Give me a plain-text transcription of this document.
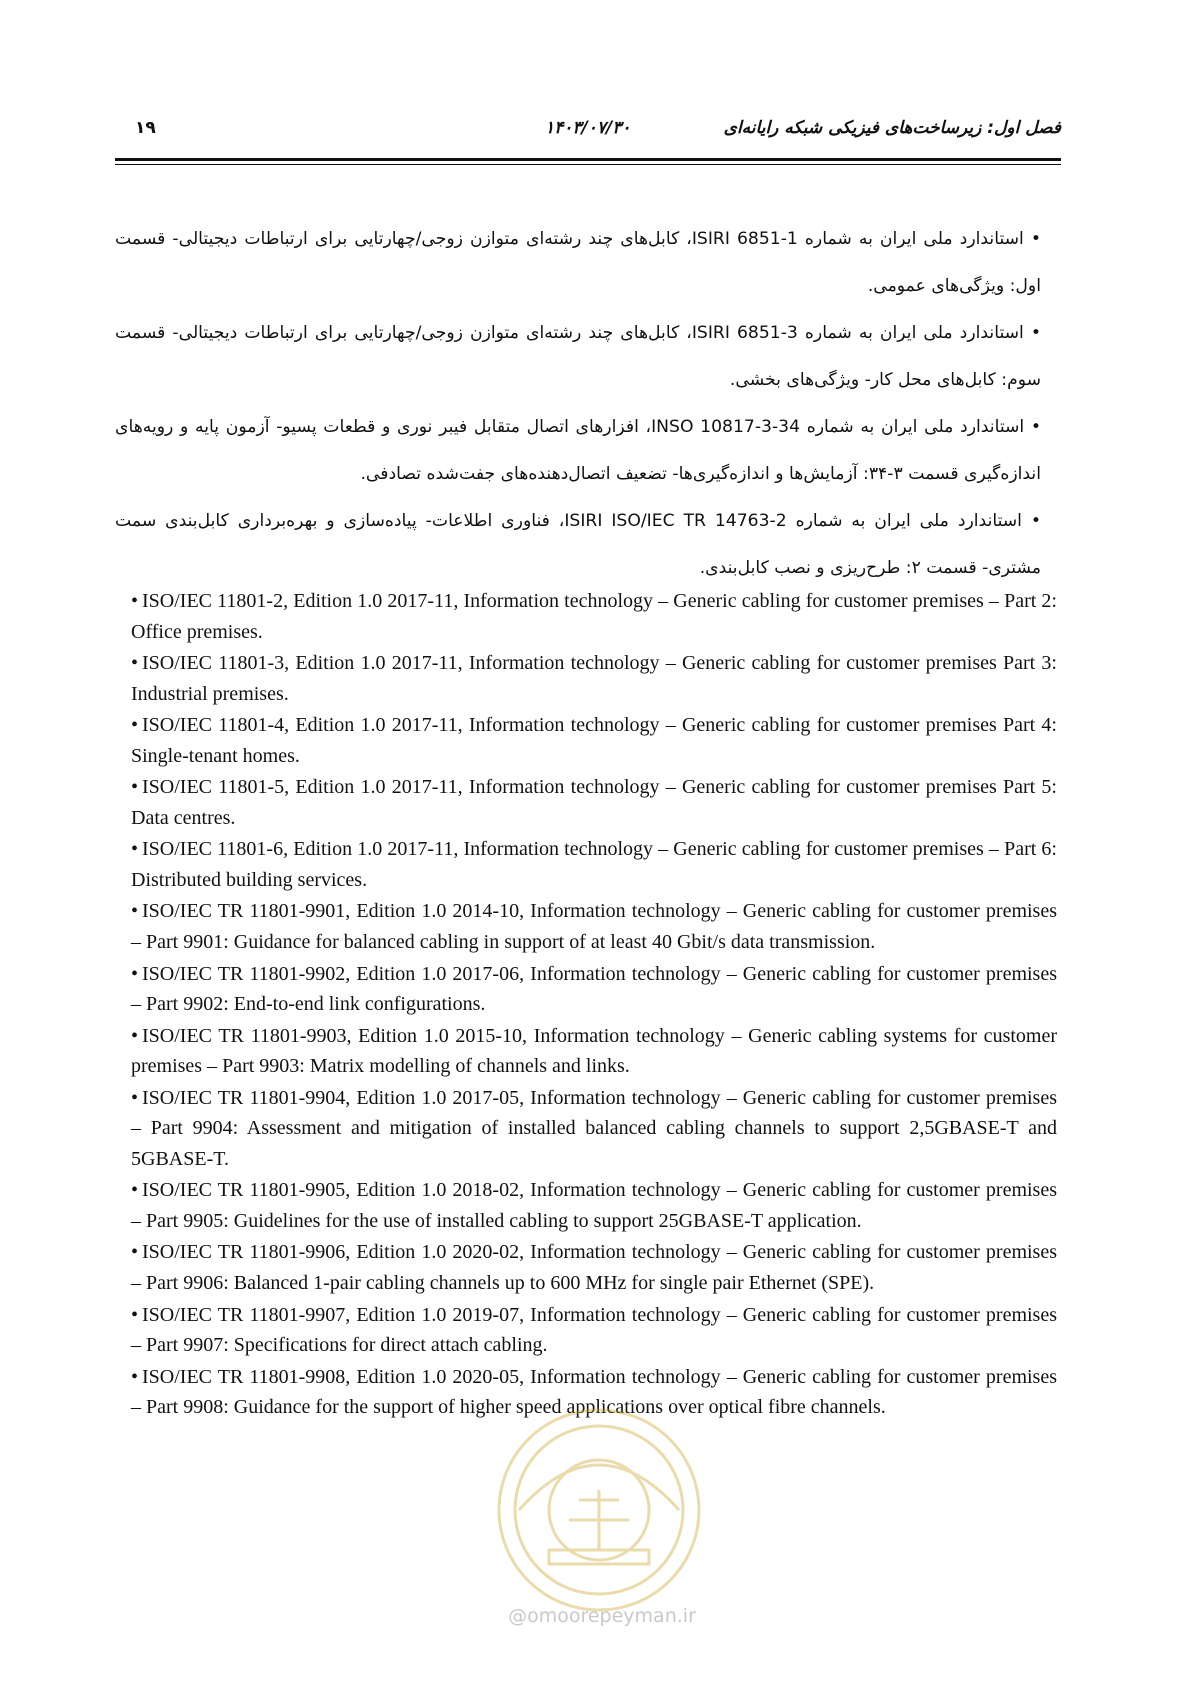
فصل اول: زیرساخت‌های فیزیکی شبکه رایانه‌ای
۱۴۰۳/۰۷/۳۰
۱۹

• استاندارد ملی ایران به شماره ISIRI 6851-1، کابل‌های چند رشته‌ای متوازن زوجی/چهارتایی برای ارتباطات دیجیتالی- قسمت اول: ویژگی‌های عمومی.

• استاندارد ملی ایران به شماره ISIRI 6851-3، کابل‌های چند رشته‌ای متوازن زوجی/چهارتایی برای ارتباطات دیجیتالی- قسمت سوم: کابل‌های محل کار- ویژگی‌های بخشی.

• استاندارد ملی ایران به شماره INSO 10817-3-34، افزارهای اتصال متقابل فیبر نوری و قطعات پسیو- آزمون پایه و رویه‌های اندازه‌گیری قسمت ۳-۳۴: آزمایش‌ها و اندازه‌گیری‌ها- تضعیف اتصال‌دهنده‌های جفت‌شده تصادفی.

• استاندارد ملی ایران به شماره ISIRI ISO/IEC TR 14763-2، فناوری اطلاعات- پیاده‌سازی و بهره‌برداری کابل‌بندی سمت مشتری- قسمت ۲: طرح‌ریزی و نصب کابل‌بندی.

• ISO/IEC 11801-2, Edition 1.0 2017-11, Information technology – Generic cabling for customer premises – Part 2: Office premises.

• ISO/IEC 11801-3, Edition 1.0 2017-11, Information technology – Generic cabling for customer premises Part 3: Industrial premises.

• ISO/IEC 11801-4, Edition 1.0 2017-11, Information technology – Generic cabling for customer premises Part 4: Single-tenant homes.

• ISO/IEC 11801-5, Edition 1.0 2017-11, Information technology – Generic cabling for customer premises Part 5: Data centres.

• ISO/IEC 11801-6, Edition 1.0 2017-11, Information technology – Generic cabling for customer premises – Part 6: Distributed building services.

• ISO/IEC TR 11801-9901, Edition 1.0 2014-10, Information technology – Generic cabling for customer premises – Part 9901: Guidance for balanced cabling in support of at least 40 Gbit/s data transmission.

• ISO/IEC TR 11801-9902, Edition 1.0 2017-06, Information technology – Generic cabling for customer premises – Part 9902: End-to-end link configurations.

• ISO/IEC TR 11801-9903, Edition 1.0 2015-10, Information technology – Generic cabling systems for customer premises – Part 9903: Matrix modelling of channels and links.

• ISO/IEC TR 11801-9904, Edition 1.0 2017-05, Information technology – Generic cabling for customer premises – Part 9904: Assessment and mitigation of installed balanced cabling channels to support 2,5GBASE-T and 5GBASE-T.

• ISO/IEC TR 11801-9905, Edition 1.0 2018-02, Information technology – Generic cabling for customer premises – Part 9905: Guidelines for the use of installed cabling to support 25GBASE-T application.

• ISO/IEC TR 11801-9906, Edition 1.0 2020-02, Information technology – Generic cabling for customer premises – Part 9906: Balanced 1-pair cabling channels up to 600 MHz for single pair Ethernet (SPE).

• ISO/IEC TR 11801-9907, Edition 1.0 2019-07, Information technology – Generic cabling for customer premises – Part 9907: Specifications for direct attach cabling.

• ISO/IEC TR 11801-9908, Edition 1.0 2020-05, Information technology – Generic cabling for customer premises – Part 9908: Guidance for the support of higher speed applications over optical fibre channels.

@omoorepeyman.ir
